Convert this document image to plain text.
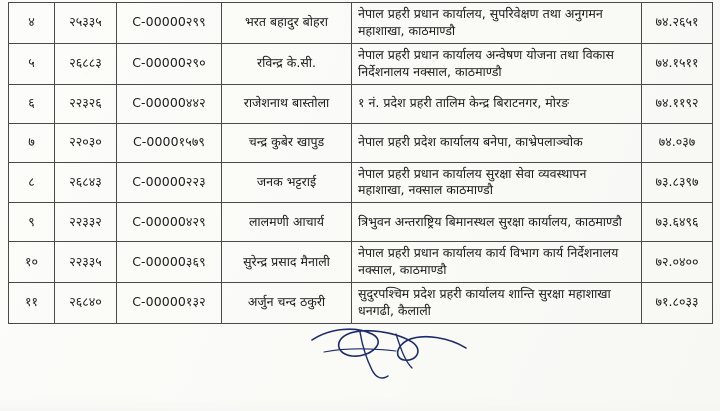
४	२५३३५	C-00000२९९	भरत बहादुर बोहरा	नेपाल प्रहरी प्रधान कार्यालय, सुपरिवेक्षण तथा अनुगमन महाशाखा, काठमाण्डौ	७४.२६५१
५	२६८८३	C-00000२९०	रविन्द्र के.सी.	नेपाल प्रहरी प्रधान कार्यालय अन्वेषण योजना तथा विकास निर्देशनालय नक्साल, काठमाण्डौ	७४.१५११
६	२२३२६	C-00000४४२	राजेशनाथ बास्तोला	१ नं. प्रदेश प्रहरी तालिम केन्द्र बिराटनगर, मोरङ	७४.११९२
७	२२०३०	C-0000१५७९	चन्द्र कुबेर खापुड	नेपाल प्रहरी प्रदेश कार्यालय बनेपा, काभ्रेपलाञ्चोक	७४.०३७
८	२६८४३	C-00000२२३	जनक भट्टराई	नेपाल प्रहरी प्रधान कार्यालय सुरक्षा सेवा व्यवस्थापन महाशाखा, नक्साल काठमाण्डौ	७३.८३९७
९	२२३३२	C-00000४२९	लालमणी आचार्य	त्रिभुवन अन्तराष्ट्रिय बिमानस्थल सुरक्षा कार्यालय, काठमाण्डौ	७३.६४९६
१०	२२३३५	C-00000३६९	सुरेन्द्र प्रसाद मैनाली	नेपाल प्रहरी प्रधान कार्यालय कार्य विभाग कार्य निर्देशनालय नक्साल, काठमाण्डौ	७२.०४००
११	२६८४०	C-00000१३२	अर्जुन चन्द ठकुरी	सुदुरपश्चिम प्रदेश प्रहरी कार्यालय शान्ति सुरक्षा महाशाखा धनगढी, कैलाली	७१.८०३३
